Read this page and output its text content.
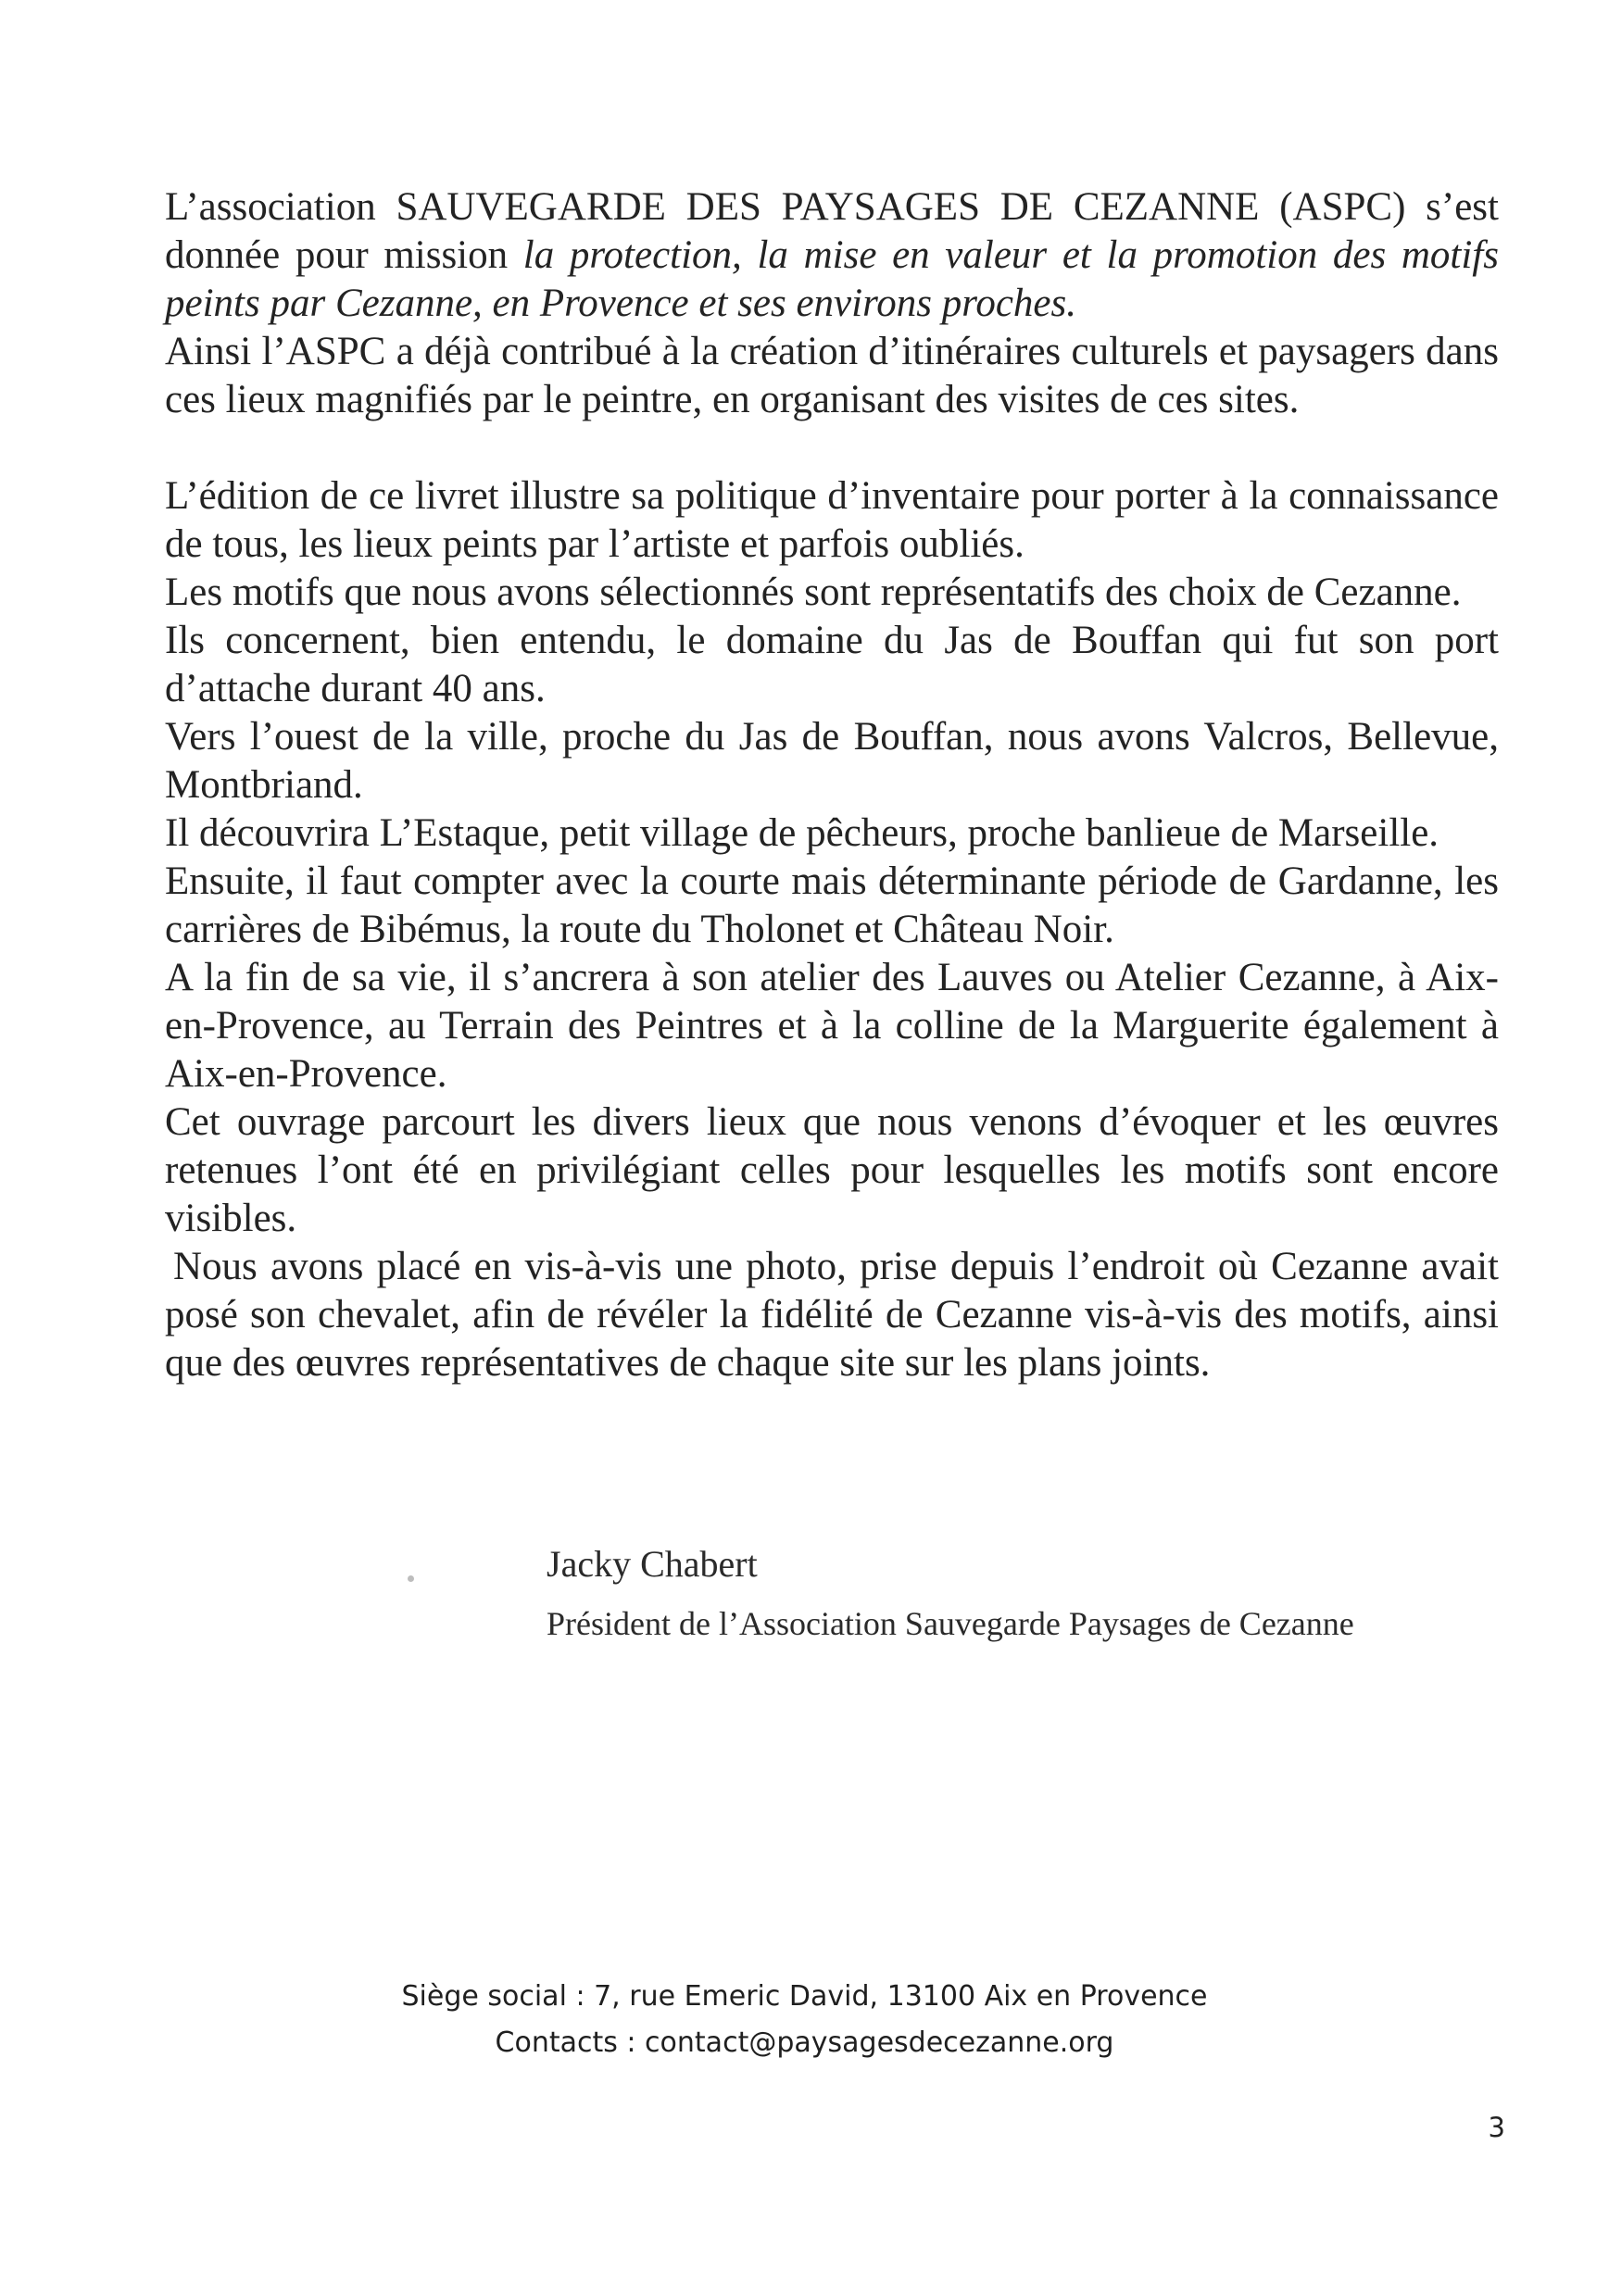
L’association SAUVEGARDE DES PAYSAGES DE CEZANNE (ASPC) s’est donnée pour mission la protection, la mise en valeur et la promotion des motifs peints par Cezanne, en Provence et ses environs proches.

Ainsi l’ASPC a déjà contribué à la création d’itinéraires culturels et paysagers dans ces lieux magnifiés par le peintre, en organisant des visites de ces sites.

L’édition de ce livret illustre sa politique d’inventaire pour porter à la connaissance de tous, les lieux peints par l’artiste et parfois oubliés.

Les motifs que nous avons sélectionnés sont représentatifs des choix de Cezanne.

Ils concernent, bien entendu, le domaine du Jas de Bouffan qui fut son port d’attache durant 40 ans.

Vers l’ouest de la ville, proche du Jas de Bouffan, nous avons Valcros, Bellevue, Montbriand.

Il découvrira L’Estaque, petit village de pêcheurs, proche banlieue de Marseille.

Ensuite, il faut compter avec la courte mais déterminante période de Gardanne, les carrières de Bibémus, la route du Tholonet et Château Noir.

A la fin de sa vie, il s’ancrera à son atelier des Lauves ou Atelier Cezanne, à Aix-en-Provence, au Terrain des Peintres et à la colline de la Marguerite également à Aix-en-Provence.

Cet ouvrage parcourt les divers lieux que nous venons d’évoquer et les œuvres retenues l’ont été en privilégiant celles pour lesquelles les motifs sont encore visibles.

Nous avons placé en vis-à-vis une photo, prise depuis l’endroit où Cezanne avait posé son chevalet, afin de révéler la fidélité de Cezanne vis-à-vis des motifs, ainsi que des œuvres représentatives de chaque site sur les plans joints.

Jacky Chabert
Président de l’Association Sauvegarde Paysages de Cezanne
Siège social : 7, rue Emeric David, 13100 Aix en Provence
Contacts : contact@paysagesdecezanne.org
3
